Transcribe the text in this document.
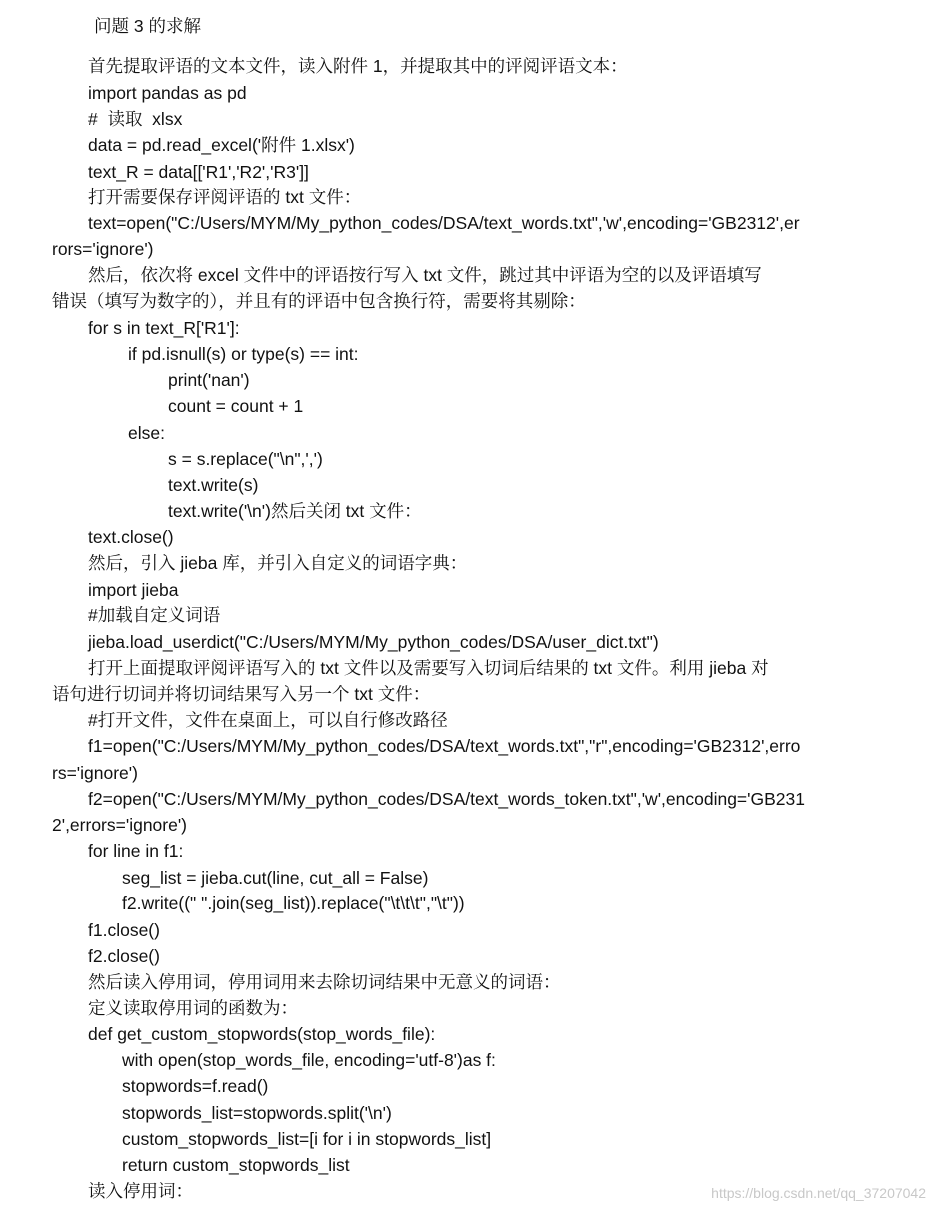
问题 3 的求解
首先提取评语的文本文件，读入附件 1，并提取其中的评阅评语文本：
import pandas as pd
#  读取  xlsx
data = pd.read_excel('附件 1.xlsx')
text_R = data[['R1','R2','R3']]
打开需要保存评阅评语的 txt 文件：
text=open("C:/Users/MYM/My_python_codes/DSA/text_words.txt",'w',encoding='GB2312',er
rors='ignore')
然后，依次将 excel 文件中的评语按行写入 txt 文件，跳过其中评语为空的以及评语填写
错误（填写为数字的），并且有的评语中包含换行符，需要将其剔除：
for s in text_R['R1']:
if pd.isnull(s) or type(s) == int:
print('nan')
count = count + 1
else:
s = s.replace("\n",',')
text.write(s)
text.write('\n')然后关闭 txt 文件：
text.close()
然后，引入 jieba 库，并引入自定义的词语字典：
import jieba
#加载自定义词语
jieba.load_userdict("C:/Users/MYM/My_python_codes/DSA/user_dict.txt")
打开上面提取评阅评语写入的 txt 文件以及需要写入切词后结果的 txt 文件。利用 jieba 对
语句进行切词并将切词结果写入另一个 txt 文件：
#打开文件，文件在桌面上，可以自行修改路径
f1=open("C:/Users/MYM/My_python_codes/DSA/text_words.txt","r",encoding='GB2312',erro
rs='ignore')
f2=open("C:/Users/MYM/My_python_codes/DSA/text_words_token.txt",'w',encoding='GB231
2',errors='ignore')
for line in f1:
seg_list = jieba.cut(line, cut_all = False)
f2.write((" ".join(seg_list)).replace("\t\t\t","\t"))
f1.close()
f2.close()
然后读入停用词，停用词用来去除切词结果中无意义的词语：
定义读取停用词的函数为：
def get_custom_stopwords(stop_words_file):
with open(stop_words_file, encoding='utf-8')as f:
stopwords=f.read()
stopwords_list=stopwords.split('\n')
custom_stopwords_list=[i for i in stopwords_list]
return custom_stopwords_list
读入停用词：	https://blog.csdn.net/qq_37207042
